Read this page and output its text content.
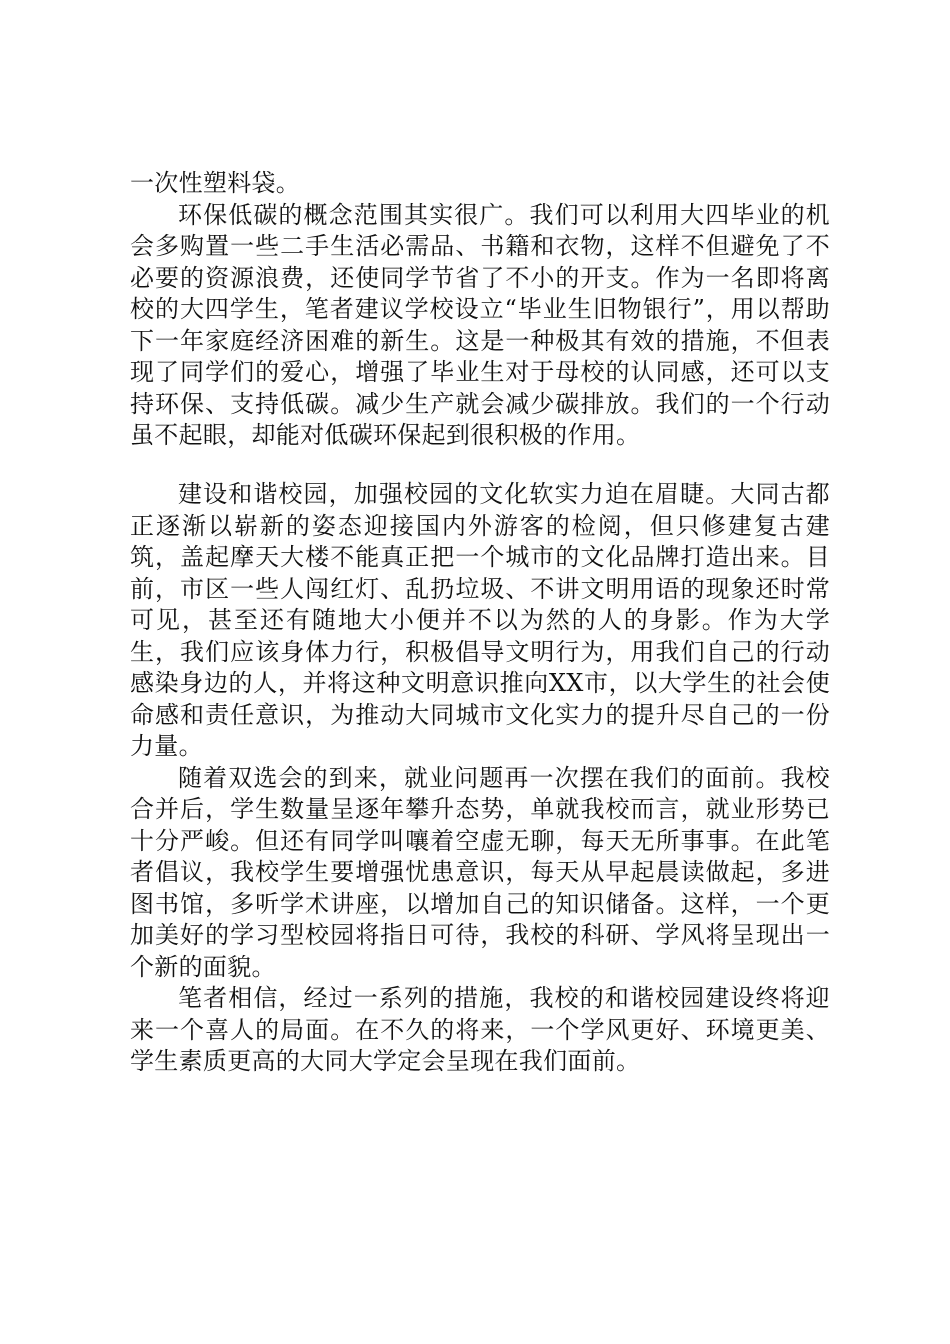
一次性塑料袋。

环保低碳的概念范围其实很广。我们可以利用大四毕业的机会多购置一些二手生活必需品、书籍和衣物，这样不但避免了不必要的资源浪费，还使同学节省了不小的开支。作为一名即将离校的大四学生，笔者建议学校设立“毕业生旧物银行”，用以帮助下一年家庭经济困难的新生。这是一种极其有效的措施，不但表现了同学们的爱心，增强了毕业生对于母校的认同感，还可以支持环保、支持低碳。减少生产就会减少碳排放。我们的一个行动虽不起眼，却能对低碳环保起到很积极的作用。

建设和谐校园，加强校园的文化软实力迫在眉睫。大同古都正逐渐以崭新的姿态迎接国内外游客的检阅，但只修建复古建筑，盖起摩天大楼不能真正把一个城市的文化品牌打造出来。目前，市区一些人闯红灯、乱扔垃圾、不讲文明用语的现象还时常可见，甚至还有随地大小便并不以为然的人的身影。作为大学生，我们应该身体力行，积极倡导文明行为，用我们自己的行动感染身边的人，并将这种文明意识推向XX市，以大学生的社会使命感和责任意识，为推动大同城市文化实力的提升尽自己的一份力量。

随着双选会的到来，就业问题再一次摆在我们的面前。我校合并后，学生数量呈逐年攀升态势，单就我校而言，就业形势已十分严峻。但还有同学叫嚷着空虚无聊，每天无所事事。在此笔者倡议，我校学生要增强忧患意识，每天从早起晨读做起，多进图书馆，多听学术讲座，以增加自己的知识储备。这样，一个更加美好的学习型校园将指日可待，我校的科研、学风将呈现出一个新的面貌。

笔者相信，经过一系列的措施，我校的和谐校园建设终将迎来一个喜人的局面。在不久的将来，一个学风更好、环境更美、学生素质更高的大同大学定会呈现在我们面前。
